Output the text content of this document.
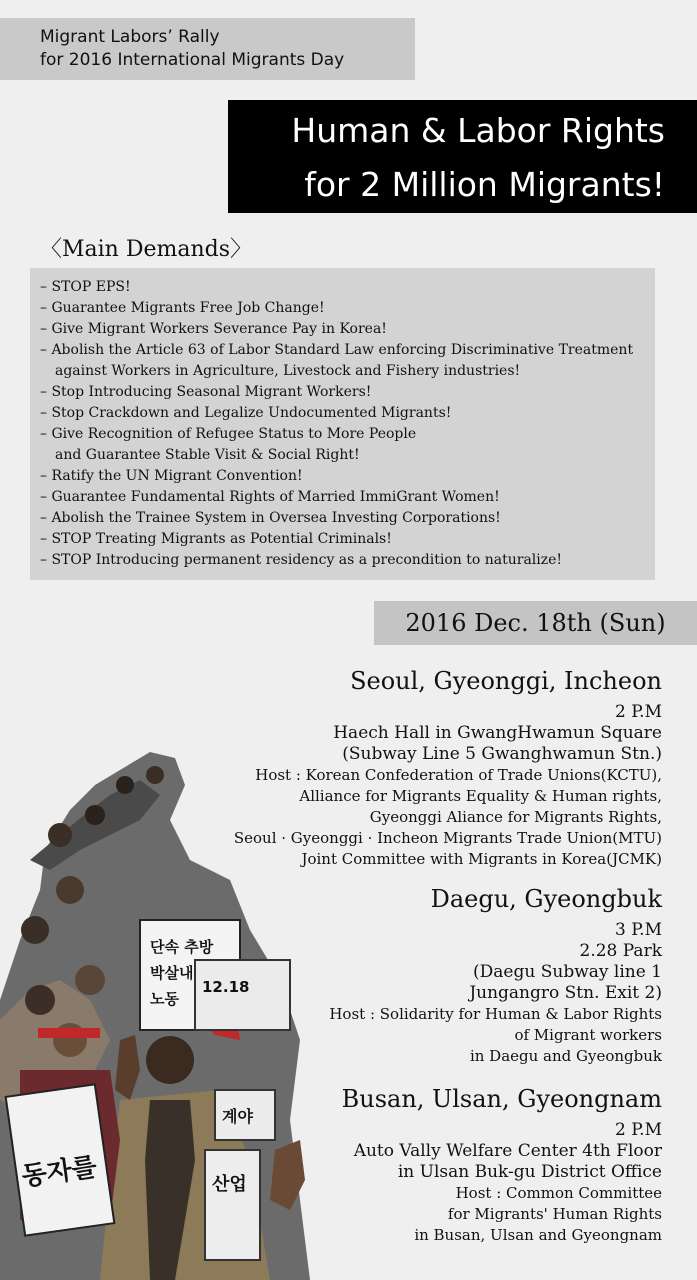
Migrant Labors’ Rally
for 2016 International Migrants Day
Human & Labor Rights
for 2 Million Migrants!
〈Main Demands〉
– STOP EPS!
– Guarantee Migrants Free Job Change!
– Give Migrant Workers Severance Pay in Korea!
– Abolish the Article 63 of Labor Standard Law enforcing Discriminative Treatment
against Workers in Agriculture, Livestock and Fishery industries!
– Stop Introducing Seasonal Migrant Workers!
– Stop Crackdown and Legalize Undocumented Migrants!
– Give Recognition of Refugee Status to More People
and Guarantee Stable Visit & Social Right!
– Ratify the UN Migrant Convention!
– Guarantee Fundamental Rights of Married ImmiGrant Women!
– Abolish the Trainee System in Oversea Investing Corporations!
– STOP Treating Migrants as Potential Criminals!
– STOP Introducing permanent residency as a precondition to naturalize!
2016 Dec. 18th (Sun)
단속 추방
박살내
노동
12.18
동자를
계야
산업
Seoul, Gyeonggi, Incheon
2 P.M
Haech Hall in GwangHwamun Square
(Subway Line 5 Gwanghwamun Stn.)
Host : Korean Confederation of Trade Unions(KCTU),
Alliance for Migrants Equality & Human rights,
Gyeonggi Aliance for Migrants Rights,
Seoul · Gyeonggi · Incheon Migrants Trade Union(MTU)
Joint Committee with Migrants in Korea(JCMK)
Daegu, Gyeongbuk
3 P.M
2.28 Park
(Daegu Subway line 1
Jungangro Stn. Exit 2)
Host : Solidarity for Human & Labor Rights
of Migrant workers
in Daegu and Gyeongbuk
Busan, Ulsan, Gyeongnam
2 P.M
Auto Vally Welfare Center 4th Floor
in Ulsan Buk-gu District Office
Host : Common Committee
for Migrants' Human Rights
in Busan, Ulsan and Gyeongnam
